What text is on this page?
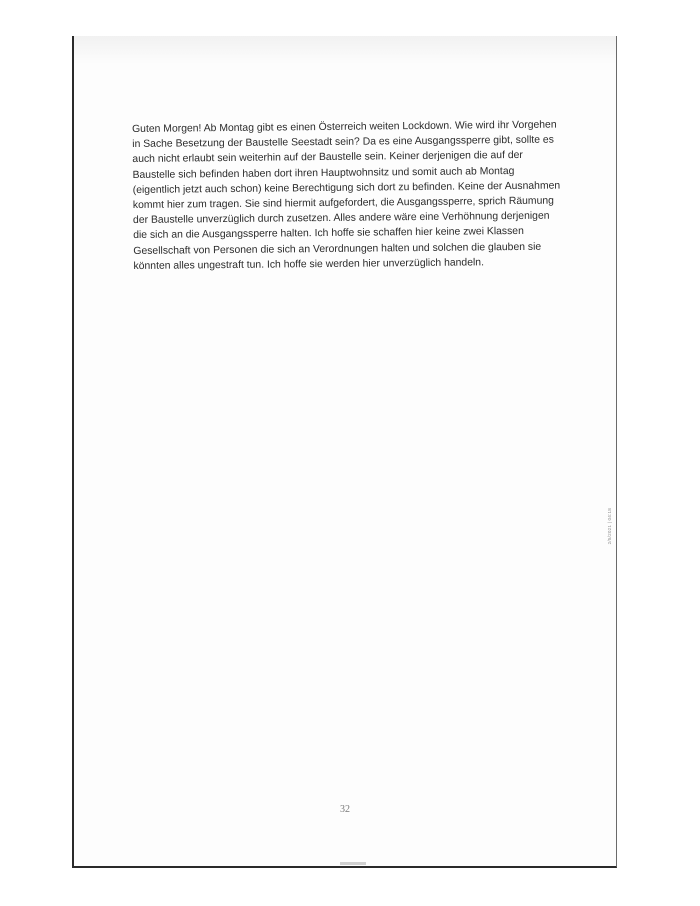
Guten Morgen! Ab Montag gibt es einen Österreich weiten Lockdown. Wie wird ihr Vorgehen in Sache Besetzung der Baustelle Seestadt sein? Da es eine Ausgangssperre gibt, sollte es auch nicht erlaubt sein weiterhin auf der Baustelle sein. Keiner derjenigen die auf der Baustelle sich befinden haben dort ihren Hauptwohnsitz und somit auch ab Montag (eigentlich jetzt auch schon) keine Berechtigung sich dort zu befinden. Keine der Ausnahmen kommt hier zum tragen. Sie sind hiermit aufgefordert, die Ausgangssperre, sprich Räumung der Baustelle unverzüglich durch zusetzen. Alles andere wäre eine Verhöhnung derjenigen die sich an die Ausgangssperre halten. Ich hoffe sie schaffen hier keine zwei Klassen Gesellschaft von Personen die sich an Verordnungen halten und solchen die glauben sie könnten alles ungestraft tun. Ich hoffe sie werden hier unverzüglich handeln.

2/5/2021 | 04:18
32
